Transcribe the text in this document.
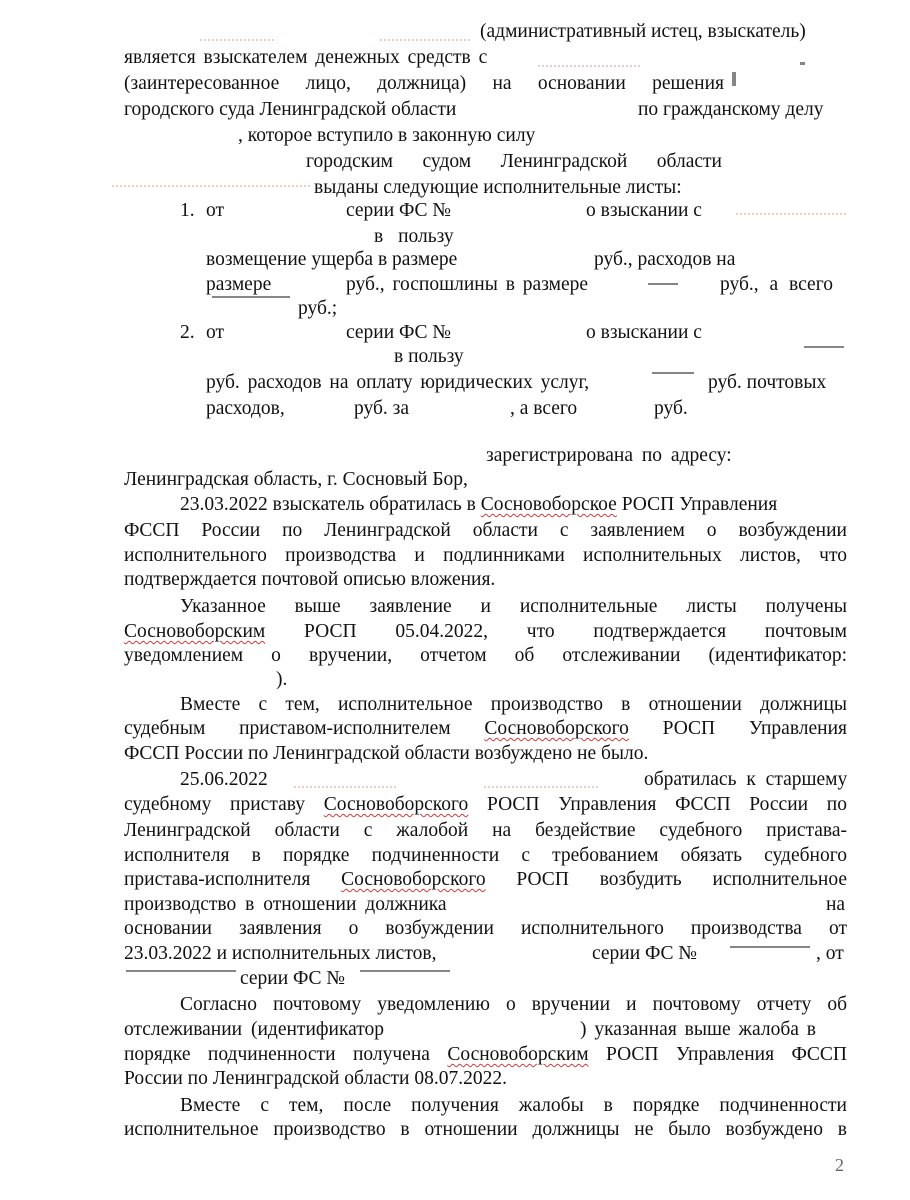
(административный истец, взыскатель)
является взыскателем денежных средств с
(заинтересованное лицо, должница) на основании решения
городского суда Ленинградской области	по гражданскому делу
, которое вступило в законную силу
городским судом Ленинградской области
выданы следующие исполнительные листы:
1. от	серии ФС №	о взыскании с
в пользу
возмещение ущерба в размере	руб., расходов на
размере	руб., госпошлины в размере	руб., а всего
руб.;
2. от	серии ФС №	о взыскании с
в пользу
руб. расходов на оплату юридических услуг,	руб. почтовых
расходов,	руб. за	, а всего	руб.
зарегистрирована по адресу:
Ленинградская область, г. Сосновый Бор,
23.03.2022 взыскатель обратилась в Сосновоборское РОСП Управления
ФССП России по Ленинградской области с заявлением о возбуждении
исполнительного производства и подлинниками исполнительных листов, что
подтверждается почтовой описью вложения.
Указанное выше заявление и исполнительные листы получены
Сосновоборским РОСП 05.04.2022, что подтверждается почтовым
уведомлением о вручении, отчетом об отслеживании (идентификатор:
).
Вместе с тем, исполнительное производство в отношении должницы
судебным приставом-исполнителем Сосновоборского РОСП Управления
ФССП России по Ленинградской области возбуждено не было.
25.06.2022	обратилась к старшему
судебному приставу Сосновоборского РОСП Управления ФССП России по
Ленинградской области с жалобой на бездействие судебного пристава-
исполнителя в порядке подчиненности с требованием обязать судебного
пристава-исполнителя Сосновоборского РОСП возбудить исполнительное
производство в отношении должника	на
основании заявления о возбуждении исполнительного производства от
23.03.2022 и исполнительных листов,	серии ФС №	, от
серии ФС №
Согласно почтовому уведомлению о вручении и почтовому отчету об
отслеживании (идентификатор	) указанная выше жалоба в
порядке подчиненности получена Сосновоборским РОСП Управления ФССП
России по Ленинградской области 08.07.2022.
Вместе с тем, после получения жалобы в порядке подчиненности
исполнительное производство в отношении должницы не было возбуждено в
2
